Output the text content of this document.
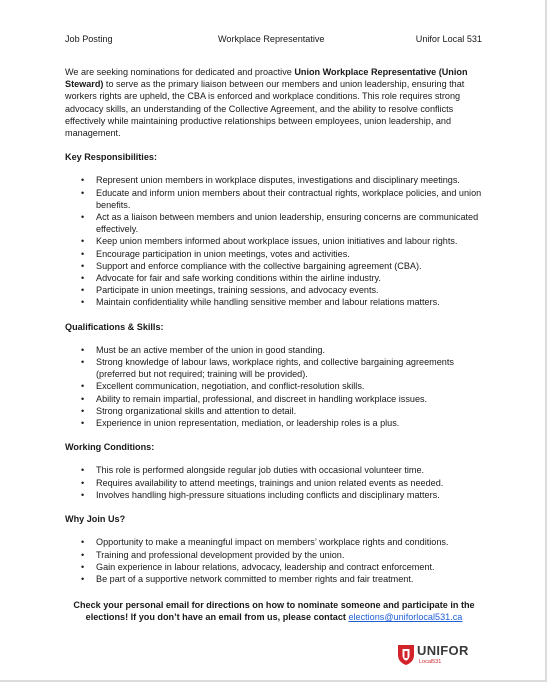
Job Posting	Workplace Representative	Unifor Local 531

We are seeking nominations for dedicated and proactive Union Workplace Representative (Union Steward) to serve as the primary liaison between our members and union leadership, ensuring that workers rights are upheld, the CBA is enforced and workplace conditions. This role requires strong advocacy skills, an understanding of the Collective Agreement, and the ability to resolve conflicts effectively while maintaining productive relationships between employees, union leadership, and management.

Key Responsibilities:
• Represent union members in workplace disputes, investigations and disciplinary meetings.
• Educate and inform union members about their contractual rights, workplace policies, and union benefits.
• Act as a liaison between members and union leadership, ensuring concerns are communicated effectively.
• Keep union members informed about workplace issues, union initiatives and labour rights.
• Encourage participation in union meetings, votes and activities.
• Support and enforce compliance with the collective bargaining agreement (CBA).
• Advocate for fair and safe working conditions within the airline industry.
• Participate in union meetings, training sessions, and advocacy events.
• Maintain confidentiality while handling sensitive member and labour relations matters.
Qualifications & Skills:
• Must be an active member of the union in good standing.
• Strong knowledge of labour laws, workplace rights, and collective bargaining agreements (preferred but not required; training will be provided).
• Excellent communication, negotiation, and conflict-resolution skills.
• Ability to remain impartial, professional, and discreet in handling workplace issues.
• Strong organizational skills and attention to detail.
• Experience in union representation, mediation, or leadership roles is a plus.
Working Conditions:
• This role is performed alongside regular job duties with occasional volunteer time.
• Requires availability to attend meetings, trainings and union related events as needed.
• Involves handling high-pressure situations including conflicts and disciplinary matters.
Why Join Us?
• Opportunity to make a meaningful impact on members’ workplace rights and conditions.
• Training and professional development provided by the union.
• Gain experience in labour relations, advocacy, leadership and contract enforcement.
• Be part of a supportive network committed to member rights and fair treatment.

Check your personal email for directions on how to nominate someone and participate in the elections! If you don’t have an email from us, please contact elections@uniforlocal531.ca

UNIFOR
Local531
